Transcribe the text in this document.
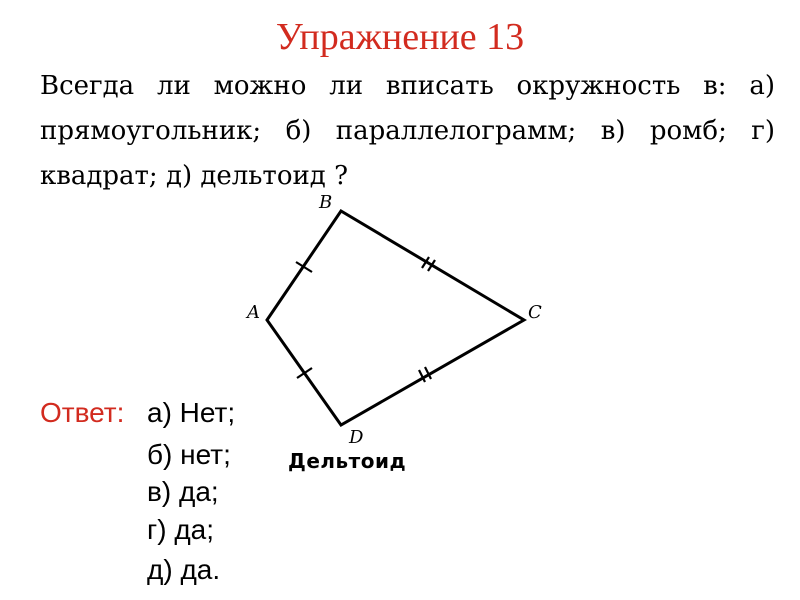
Упражнение 13
Всегда ли можно ли вписать окружность в: а) прямоугольник; б) параллелограмм; в) ромб; г) квадрат; д) дельтоид ?
A
B
C
D
Дельтоид
Ответ: а) Нет;
б) нет;
в) да;
г) да;
д) да.
